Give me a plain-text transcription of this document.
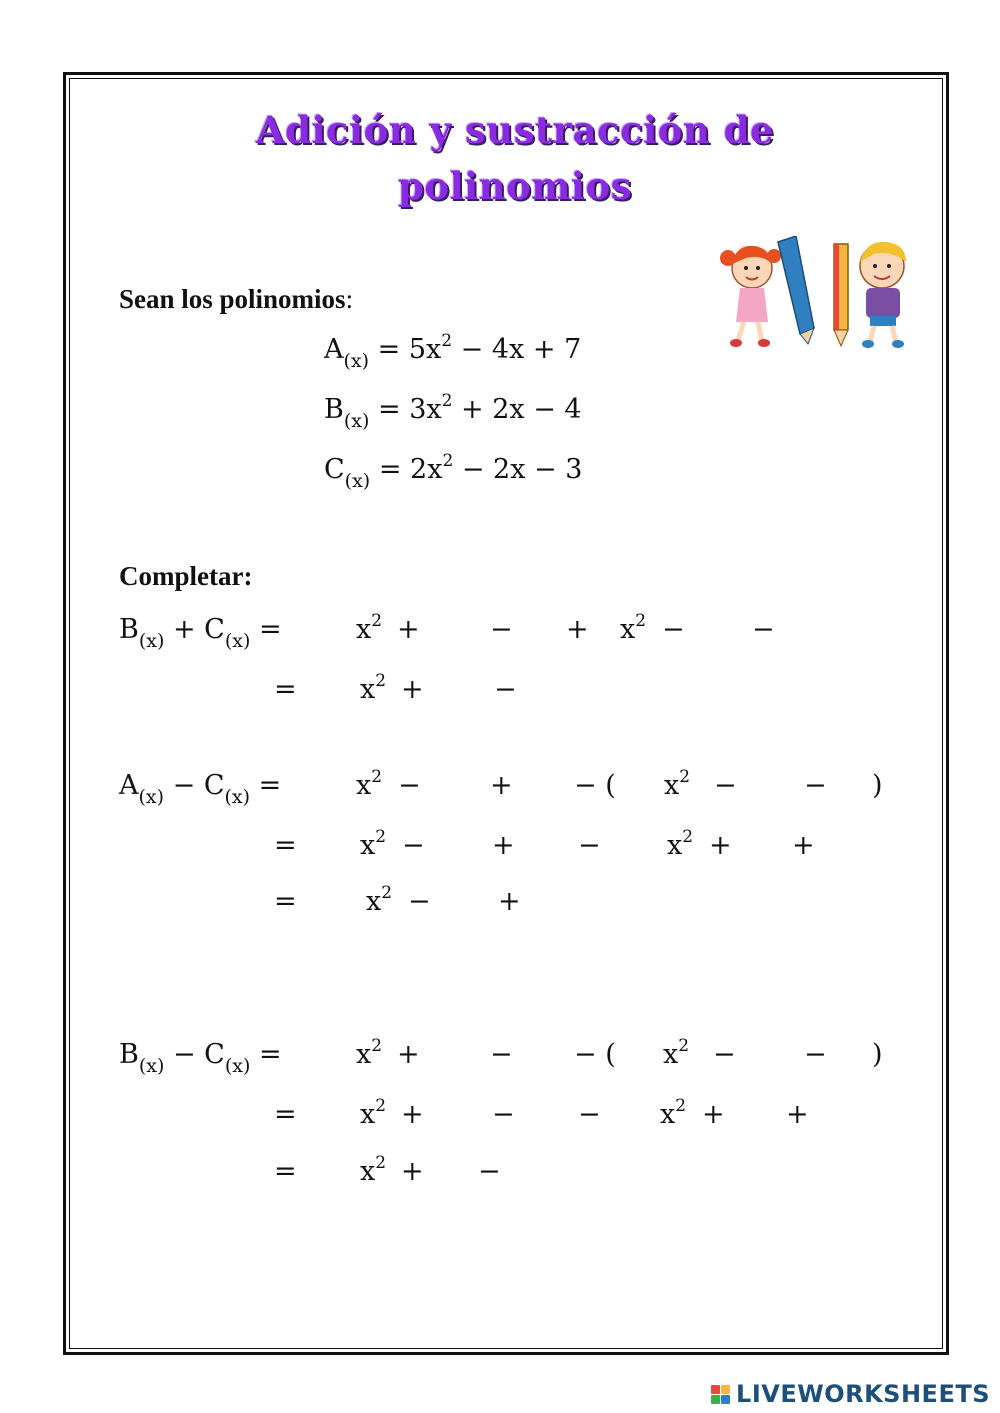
Adición y sustracción de
polinomios
Sean los polinomios:
$A_{(x)} = 5x^2 - 4x + 7$
$B_{(x)} = 3x^2 + 2x - 4$
$C_{(x)} = 2x^2 - 2x - 3$
Completar:
$B_{(x)} + C_{(x)}$ =	$x^2$ +	− + $x^2$ − −
= $x^2$ +	−
$A_{(x)} - C_{(x)}$ =	$x^2$ −	+ − ( $x^2$ − − )
= $x^2$ − + − $x^2$ + +
=	$x^2$ − +
$B_{(x)} - C_{(x)}$ =	$x^2$ +	− − ( $x^2$ −	− )
= $x^2$ +	− − $x^2$ + +
= $x^2$ + −
LIVEWORKSHEETS
